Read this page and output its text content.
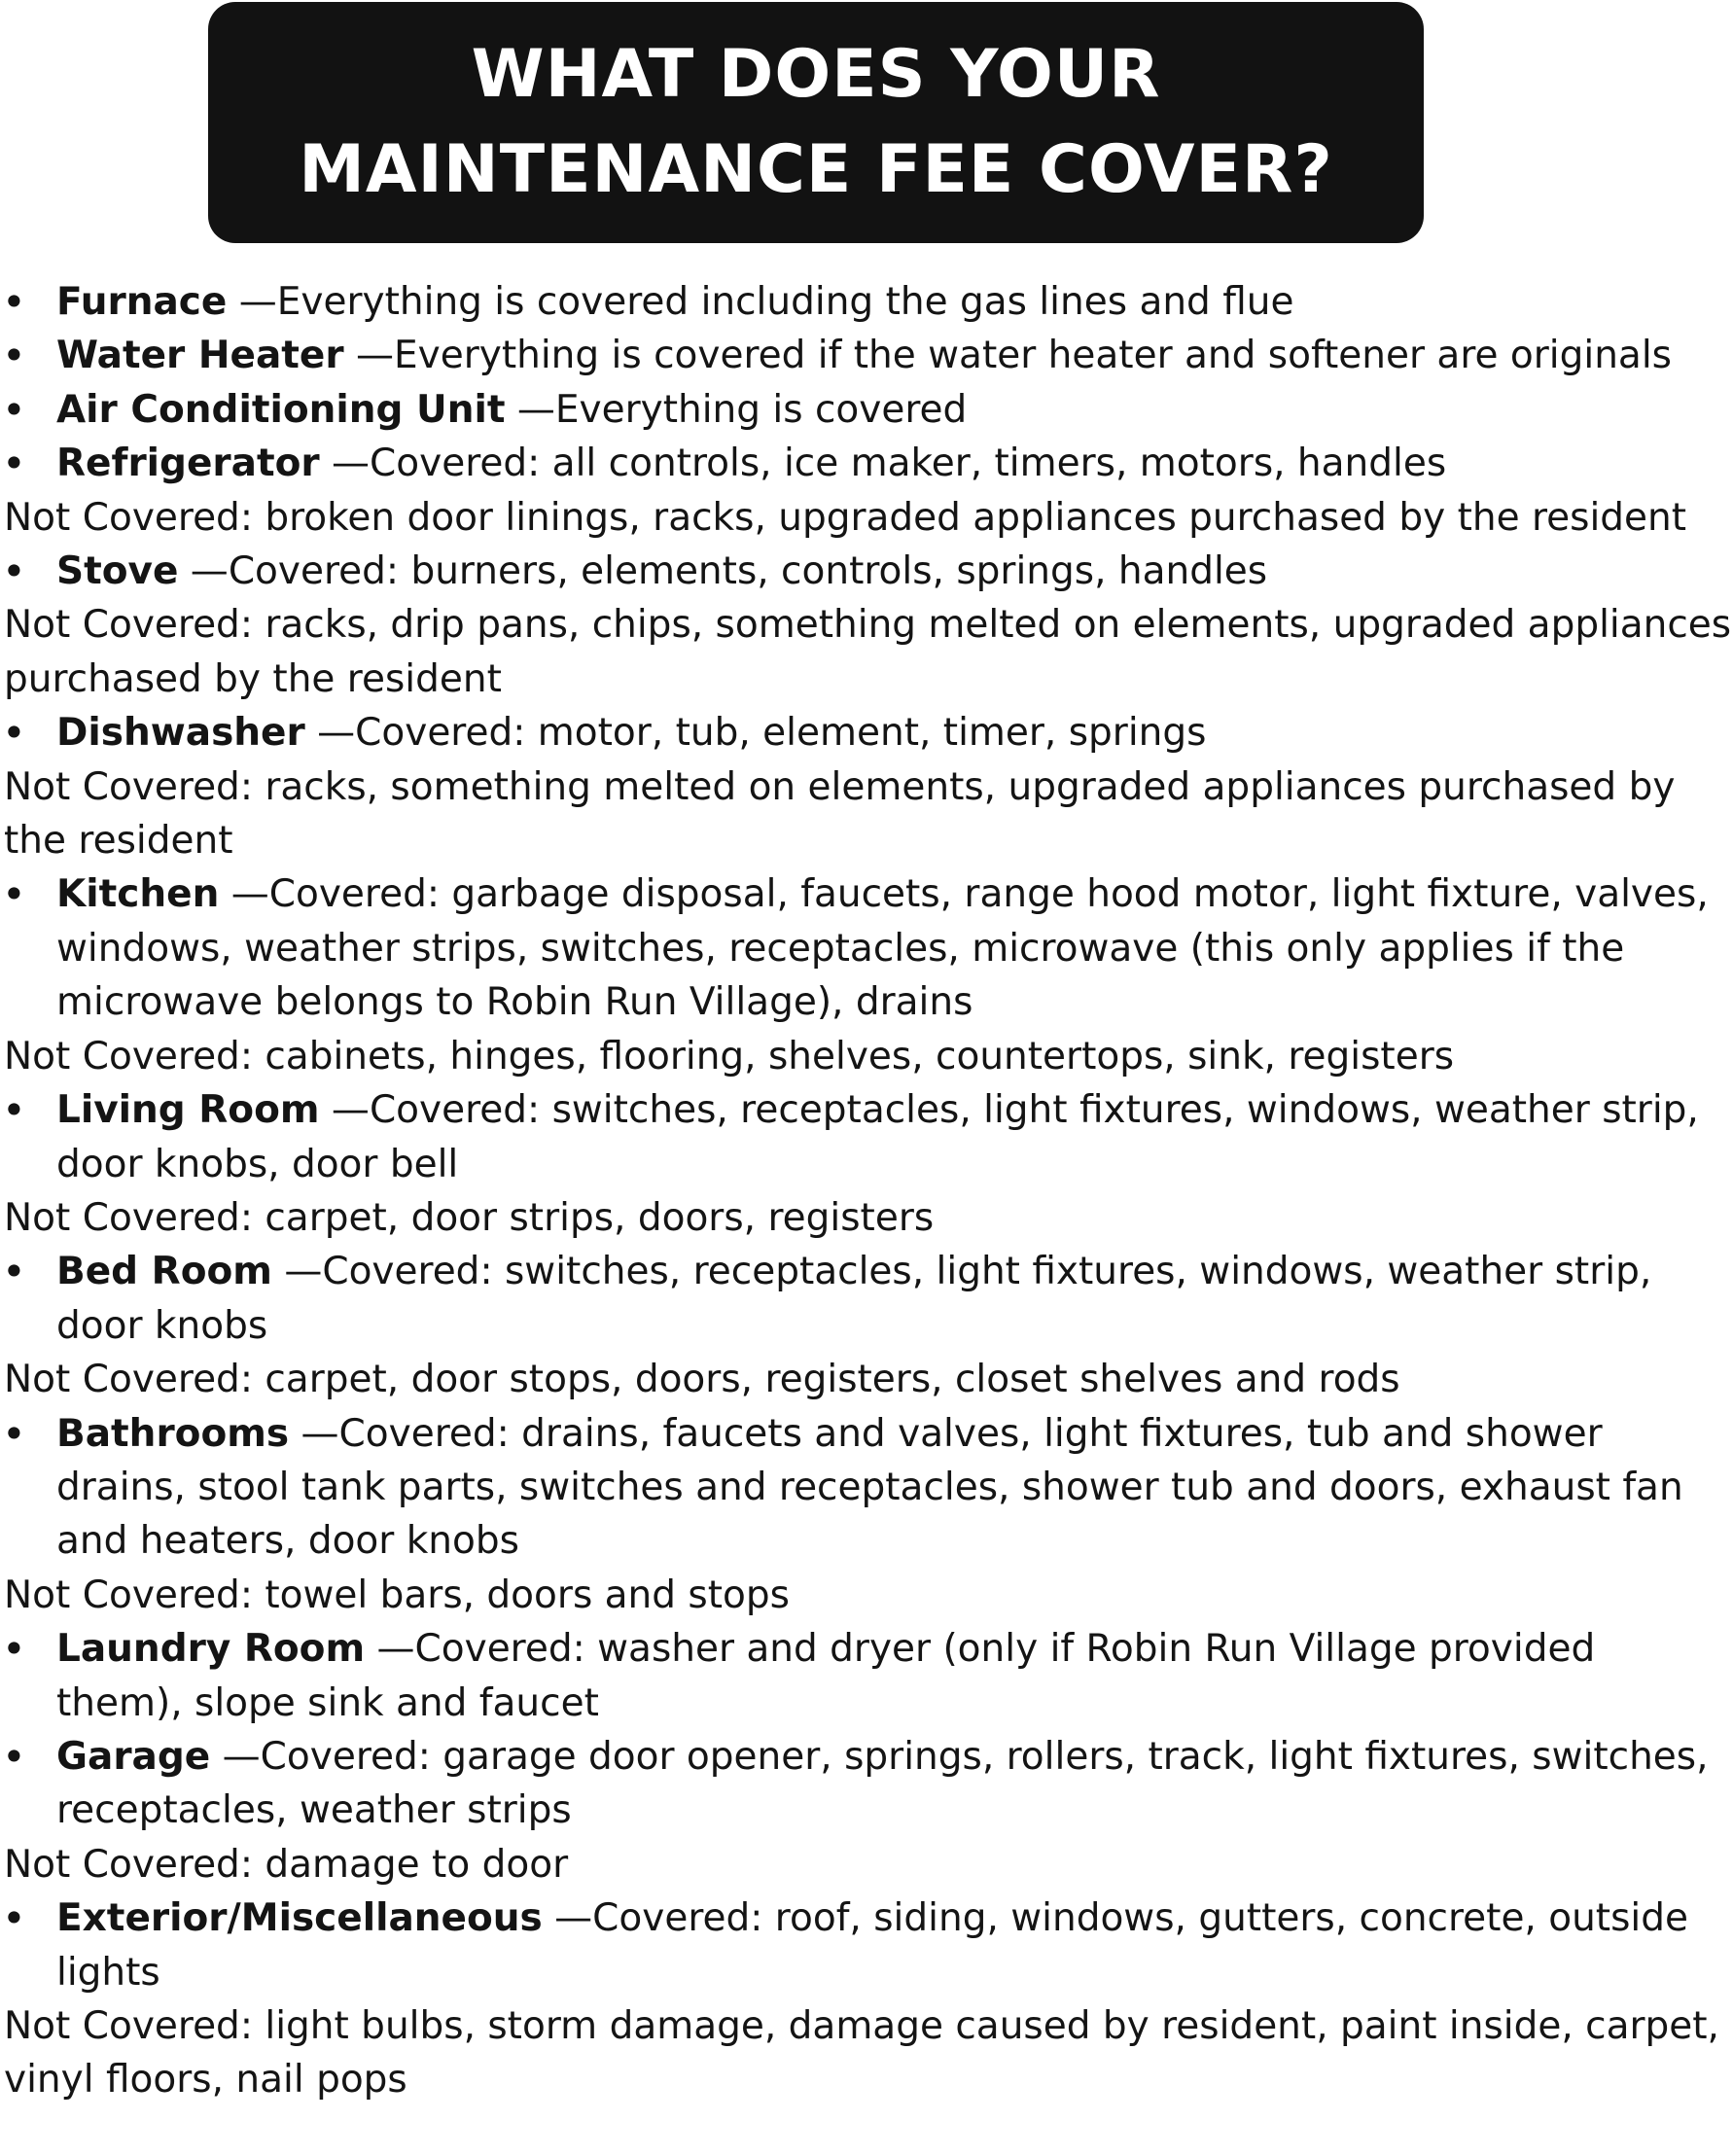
WHAT DOES YOUR
MAINTENANCE FEE COVER?
• Furnace —Everything is covered including the gas lines and flue
• Water Heater —Everything is covered if the water heater and softener are originals
• Air Conditioning Unit —Everything is covered
• Refrigerator —Covered: all controls, ice maker, timers, motors, handles
Not Covered: broken door linings, racks, upgraded appliances purchased by the resident
• Stove —Covered: burners, elements, controls, springs, handles
Not Covered: racks, drip pans, chips, something melted on elements, upgraded appliances purchased by the resident
• Dishwasher —Covered: motor, tub, element, timer, springs
Not Covered: racks, something melted on elements, upgraded appliances purchased by the resident
• Kitchen —Covered: garbage disposal, faucets, range hood motor, light fixture, valves, windows, weather strips, switches, receptacles, microwave (this only applies if the microwave belongs to Robin Run Village), drains
Not Covered: cabinets, hinges, flooring, shelves, countertops, sink, registers
• Living Room —Covered: switches, receptacles, light fixtures, windows, weather strip, door knobs, door bell
Not Covered: carpet, door strips, doors, registers
• Bed Room —Covered: switches, receptacles, light fixtures, windows, weather strip, door knobs
Not Covered: carpet, door stops, doors, registers, closet shelves and rods
• Bathrooms —Covered: drains, faucets and valves, light fixtures, tub and shower drains, stool tank parts, switches and receptacles, shower tub and doors, exhaust fan and heaters, door knobs
Not Covered: towel bars, doors and stops
• Laundry Room —Covered: washer and dryer (only if Robin Run Village provided them), slope sink and faucet
• Garage —Covered: garage door opener, springs, rollers, track, light fixtures, switches, receptacles, weather strips
Not Covered: damage to door
• Exterior/Miscellaneous —Covered: roof, siding, windows, gutters, concrete, outside lights
Not Covered: light bulbs, storm damage, damage caused by resident, paint inside, carpet, vinyl floors, nail pops
